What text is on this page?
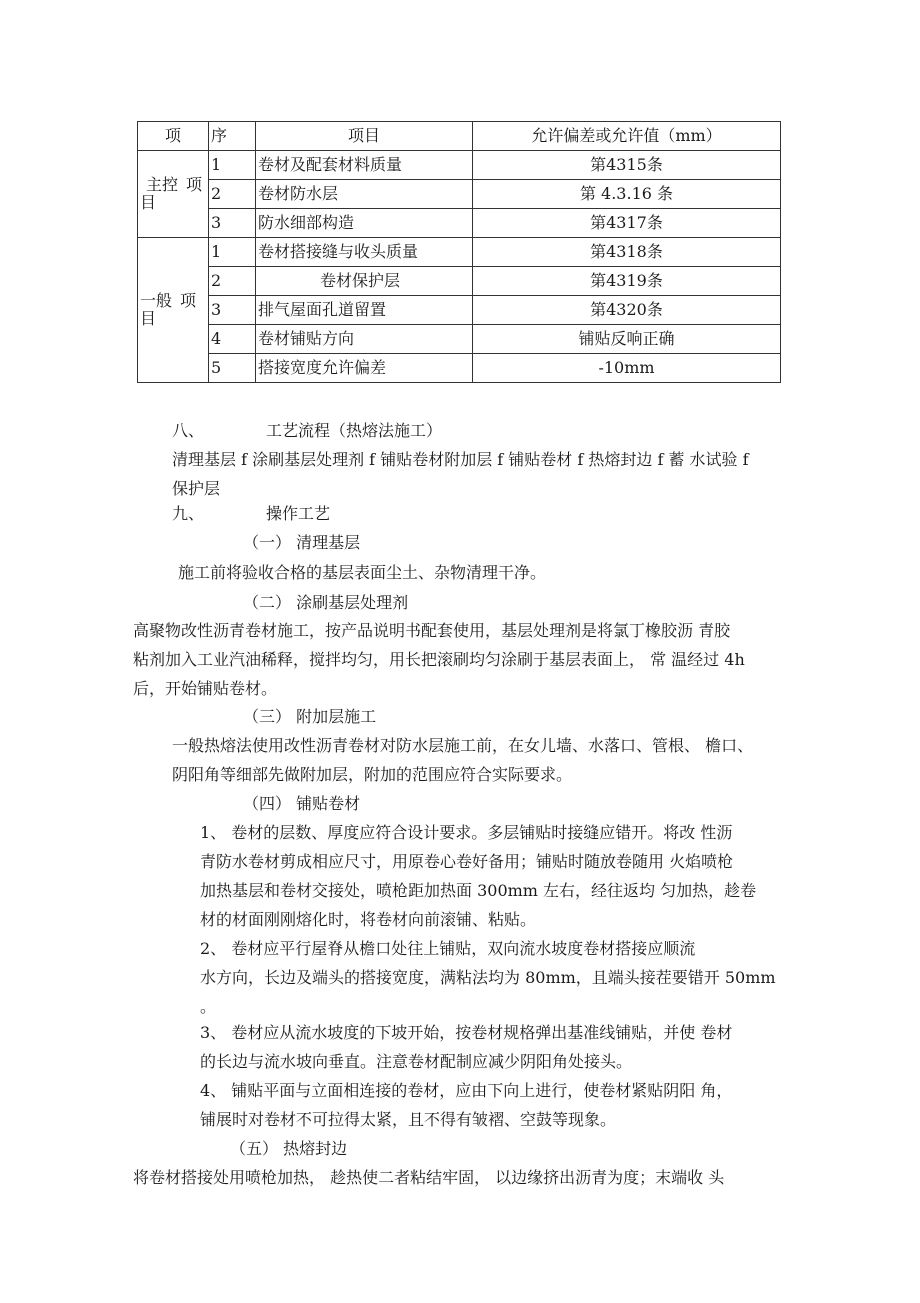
项	序	项目	允许偏差或允许值（mm）

主控 项
目	1	卷材及配套材料质量	第4315条
	2	卷材防水层	第 4.3.16 条
	3	防水细部构造	第4317条

一般 项
目	1	卷材搭接缝与收头质量	第4318条
	2	卷材保护层	第4319条
	3	排气屋面孔道留置	第4320条
	4	卷材铺贴方向	铺贴反响正确
	5	搭接宽度允许偏差	-10mm
八、	工艺流程（热熔法施工）
清理基层 f 涂刷基层处理剂 f 铺贴卷材附加层 f 铺贴卷材 f 热熔封边 f 蓄 水试验 f
保护层
九、	操作工艺
（一） 清理基层
施工前将验收合格的基层表面尘土、杂物清理干净。
（二） 涂刷基层处理剂
高聚物改性沥青卷材施工，按产品说明书配套使用，基层处理剂是将氯丁橡胶沥 青胶
粘剂加入工业汽油稀释，搅拌均匀，用长把滚刷均匀涂刷于基层表面上， 常 温经过 4h
后，开始铺贴卷材。
（三） 附加层施工
一般热熔法使用改性沥青卷材对防水层施工前，在女儿墙、水落口、管根、 檐口、
阴阳角等细部先做附加层，附加的范围应符合实际要求。
（四） 铺贴卷材
1、 卷材的层数、厚度应符合设计要求。多层铺贴时接缝应错开。将改 性沥
青防水卷材剪成相应尺寸，用原卷心卷好备用；铺贴时随放卷随用 火焰喷枪
加热基层和卷材交接处，喷枪距加热面 300mm 左右，经往返均 匀加热，趁卷
材的材面刚刚熔化时，将卷材向前滚铺、粘贴。
2、 卷材应平行屋脊从檐口处往上铺贴，双向流水坡度卷材搭接应顺流
水方向，长边及端头的搭接宽度，满粘法均为 80mm，且端头接茬要错开 50mm
。
3、 卷材应从流水坡度的下坡开始，按卷材规格弹出基准线铺贴，并使 卷材
的长边与流水坡向垂直。注意卷材配制应减少阴阳角处接头。
4、 铺贴平面与立面相连接的卷材，应由下向上进行，使卷材紧贴阴阳 角，
铺展时对卷材不可拉得太紧，且不得有皱褶、空鼓等现象。
（五） 热熔封边
将卷材搭接处用喷枪加热， 趁热使二者粘结牢固， 以边缘挤出沥青为度；末端收 头
